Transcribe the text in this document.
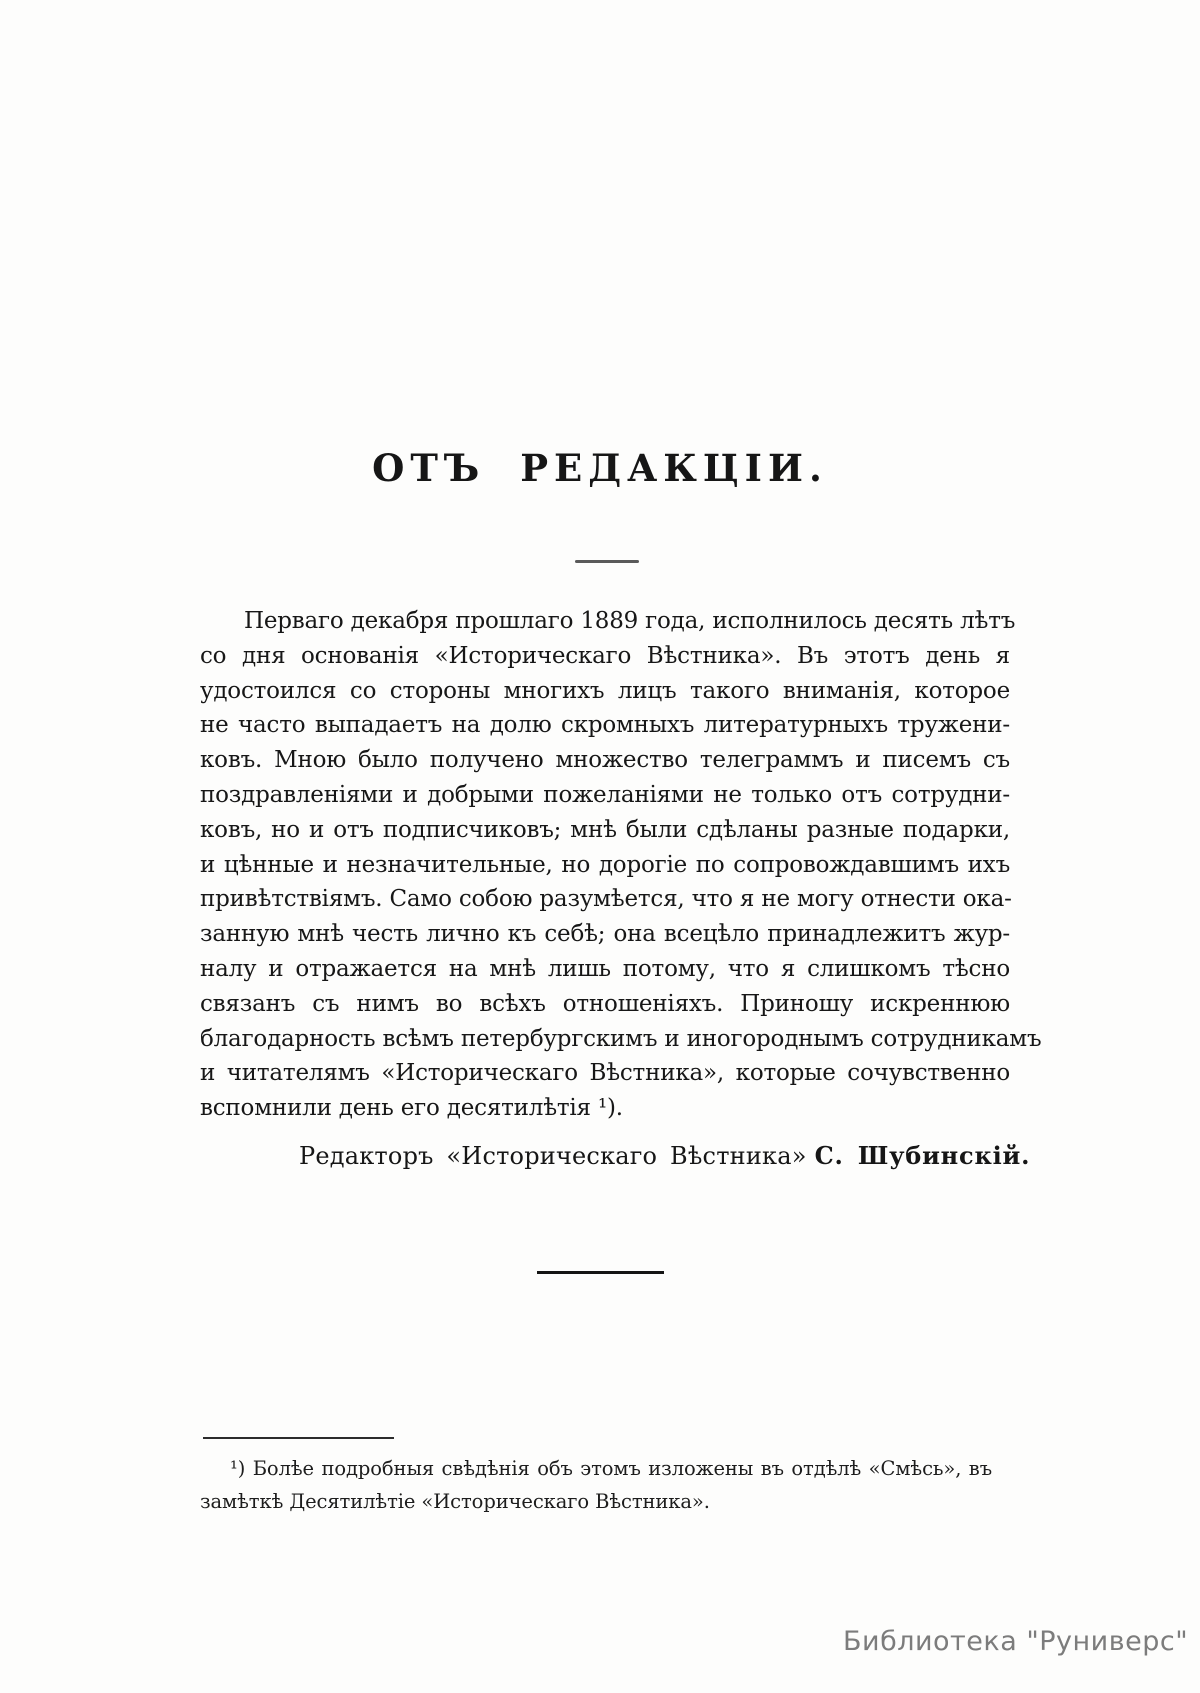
ОТЪ РЕДАКЦІИ.
Перваго декабря прошлаго 1889 года, исполнилось десять лѣтъ
со дня основанія «Историческаго Вѣстника». Въ этотъ день я
удостоился со стороны многихъ лицъ такого вниманія, которое
не часто выпадаетъ на долю скромныхъ литературныхъ тружени-
ковъ. Мною было получено множество телеграммъ и писемъ съ
поздравленіями и добрыми пожеланіями не только отъ сотрудни-
ковъ, но и отъ подписчиковъ; мнѣ были сдѣланы разные подарки,
и цѣнные и незначительные, но дорогіе по сопровождавшимъ ихъ
привѣтствіямъ. Само собою разумѣется, что я не могу отнести ока-
занную мнѣ честь лично къ себѣ; она всецѣло принадлежитъ жур-
налу и отражается на мнѣ лишь потому, что я слишкомъ тѣсно
связанъ съ нимъ во всѣхъ отношеніяхъ. Приношу искреннюю
благодарность всѣмъ петербургскимъ и иногороднымъ сотрудникамъ
и читателямъ «Историческаго Вѣстника», которые сочувственно
вспомнили день его десятилѣтія ¹).
Редакторъ «Историческаго Вѣстника» С. Шубинскій.
¹) Болѣе подробныя свѣдѣнія объ этомъ изложены въ отдѣлѣ «Смѣсь», въ
замѣткѣ Десятилѣтіе «Историческаго Вѣстника».
Библиотека "Руниверс"
